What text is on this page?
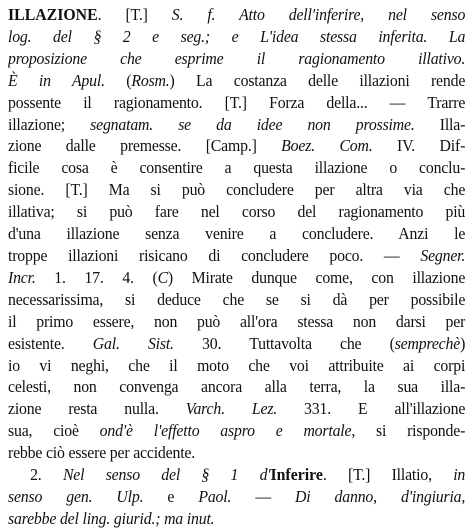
ILLAZIONE. [T.] S. f. Atto dell'inferire, nel senso
log. del § 2 e seg.; e L'idea stessa inferita. La
proposizione che esprime il ragionamento illativo.
È in Apul. (Rosm.) La costanza delle illazioni rende
possente il ragionamento. [T.] Forza della... — Trarre
illazione; segnatam. se da idee non prossime. Illa-
zione dalle premesse. [Camp.] Boez. Com. IV. Dif-
ficile cosa è consentire a questa illazione o conclu-
sione. [T.] Ma si può concludere per altra via che
illativa; si può fare nel corso del ragionamento più
d'una illazione senza venire a concludere. Anzi le
troppe illazioni risicano di concludere poco. — Segner.
Incr. 1. 17. 4. (C) Mirate dunque come, con illazione
necessarissima, si deduce che se si dà per possibile
il primo essere, non può all'ora stessa non darsi per
esistente. Gal. Sist. 30. Tuttavolta che (semprechè)
io vi neghi, che il moto che voi attribuite ai corpi
celesti, non convenga ancora alla terra, la sua illa-
zione resta nulla. Varch. Lez. 331. E all'illazione
sua, cioè ond'è l'effetto aspro e mortale, si risponde-
rebbe ciò essere per accidente.
2. Nel senso del § 1 d'Inferire. [T.] Illatio, in
senso gen. Ulp. e Paol. — Di danno, d'ingiuria,
sarebbe del ling. giurid.; ma inut.
